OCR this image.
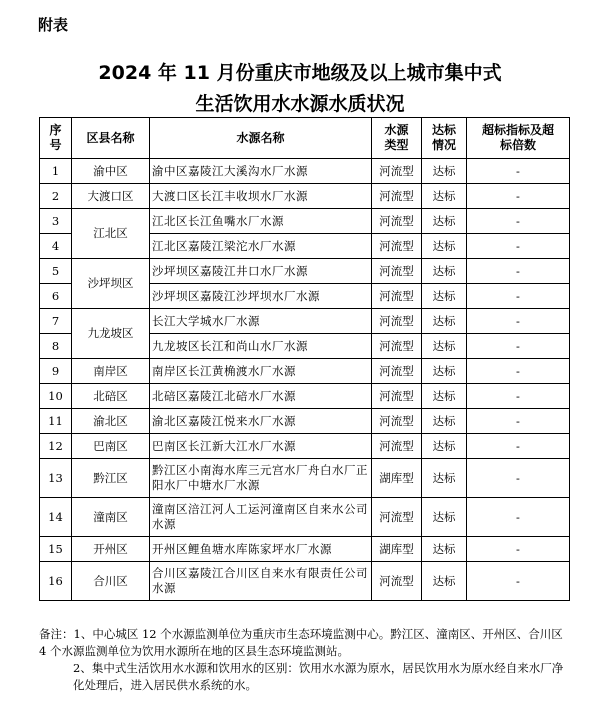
附表
2024 年 11 月份重庆市地级及以上城市集中式
生活饮用水水源水质状况
序号	区县名称	水源名称	水源类型	达标情况	超标指标及超标倍数
1	渝中区	渝中区嘉陵江大溪沟水厂水源	河流型	达标	-
2	大渡口区	大渡口区长江丰收坝水厂水源	河流型	达标	-
3	江北区	江北区长江鱼嘴水厂水源	河流型	达标	-
4		江北区嘉陵江梁沱水厂水源	河流型	达标	-
5	沙坪坝区	沙坪坝区嘉陵江井口水厂水源	河流型	达标	-
6		沙坪坝区嘉陵江沙坪坝水厂水源	河流型	达标	-
7	九龙坡区	长江大学城水厂水源	河流型	达标	-
8		九龙坡区长江和尚山水厂水源	河流型	达标	-
9	南岸区	南岸区长江黄桷渡水厂水源	河流型	达标	-
10	北碚区	北碚区嘉陵江北碚水厂水源	河流型	达标	-
11	渝北区	渝北区嘉陵江悦来水厂水源	河流型	达标	-
12	巴南区	巴南区长江新大江水厂水源	河流型	达标	-
13	黔江区	黔江区小南海水库三元宫水厂舟白水厂正阳水厂中塘水厂水源	湖库型	达标	-
14	潼南区	潼南区涪江河人工运河潼南区自来水公司水源	河流型	达标	-
15	开州区	开州区鲤鱼塘水库陈家坪水厂水源	湖库型	达标	-
16	合川区	合川区嘉陵江合川区自来水有限责任公司水源	河流型	达标	-

备注：1、中心城区 12 个水源监测单位为重庆市生态环境监测中心。黔江区、潼南区、开州区、合川区 4 个水源监测单位为饮用水源所在地的区县生态环境监测站。

2、集中式生活饮用水水源和饮用水的区别：饮用水水源为原水，居民饮用水为原水经自来水厂净化处理后，进入居民供水系统的水。
